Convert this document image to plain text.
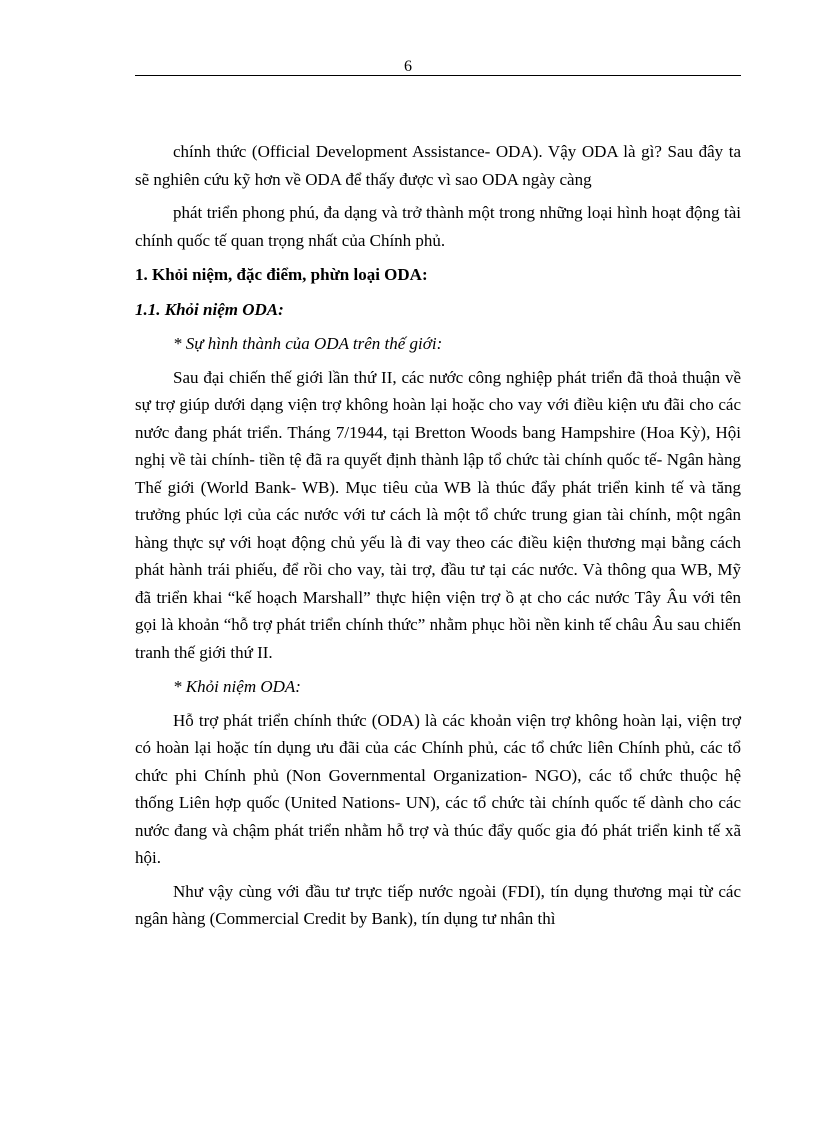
6

chính thức (Official Development Assistance- ODA). Vậy ODA là gì? Sau đây ta sẽ nghiên cứu kỹ hơn về ODA để thấy được vì sao ODA ngày càng

phát triển phong phú, đa dạng và trở thành một trong những loại hình hoạt động tài chính quốc tế quan trọng nhất của Chính phủ.

1. Khỏi niệm, đặc điểm, phừn loại ODA:

1.1. Khỏi niệm ODA:

* Sự hình thành của ODA trên thế giới:

Sau đại chiến thế giới lần thứ II, các nước công nghiệp phát triển đã thoả thuận về sự trợ giúp dưới dạng viện trợ không hoàn lại hoặc cho vay với điều kiện ưu đãi cho các nước đang phát triển. Tháng 7/1944, tại Bretton Woods bang Hampshire (Hoa Kỳ), Hội nghị về tài chính- tiền tệ đã ra quyết định thành lập tổ chức tài chính quốc tế- Ngân hàng Thế giới (World Bank- WB). Mục tiêu của WB là thúc đẩy phát triển kinh tế và tăng trưởng phúc lợi của các nước với tư cách là một tổ chức trung gian tài chính, một ngân hàng thực sự với hoạt động chủ yếu là đi vay theo các điều kiện thương mại bằng cách phát hành trái phiếu, để rồi cho vay, tài trợ, đầu tư tại các nước. Và thông qua WB, Mỹ đã triển khai “kế hoạch Marshall” thực hiện viện trợ ồ ạt cho các nước Tây Âu với tên gọi là khoản “hỗ trợ phát triển chính thức” nhằm phục hồi nền kinh tế châu Âu sau chiến tranh thế giới thứ II.

* Khỏi niệm ODA:

Hỗ trợ phát triển chính thức (ODA) là các khoản viện trợ không hoàn lại, viện trợ có hoàn lại hoặc tín dụng ưu đãi của các Chính phủ, các tổ chức liên Chính phủ, các tổ chức phi Chính phủ (Non Governmental Organization- NGO), các tổ chức thuộc hệ thống Liên hợp quốc (United Nations- UN), các tổ chức tài chính quốc tế dành cho các nước đang và chậm phát triển nhằm hỗ trợ và thúc đẩy quốc gia đó phát triển kinh tế xã hội.

Như vậy cùng với đầu tư trực tiếp nước ngoài (FDI), tín dụng thương mại từ các ngân hàng (Commercial Credit by Bank), tín dụng tư nhân thì
